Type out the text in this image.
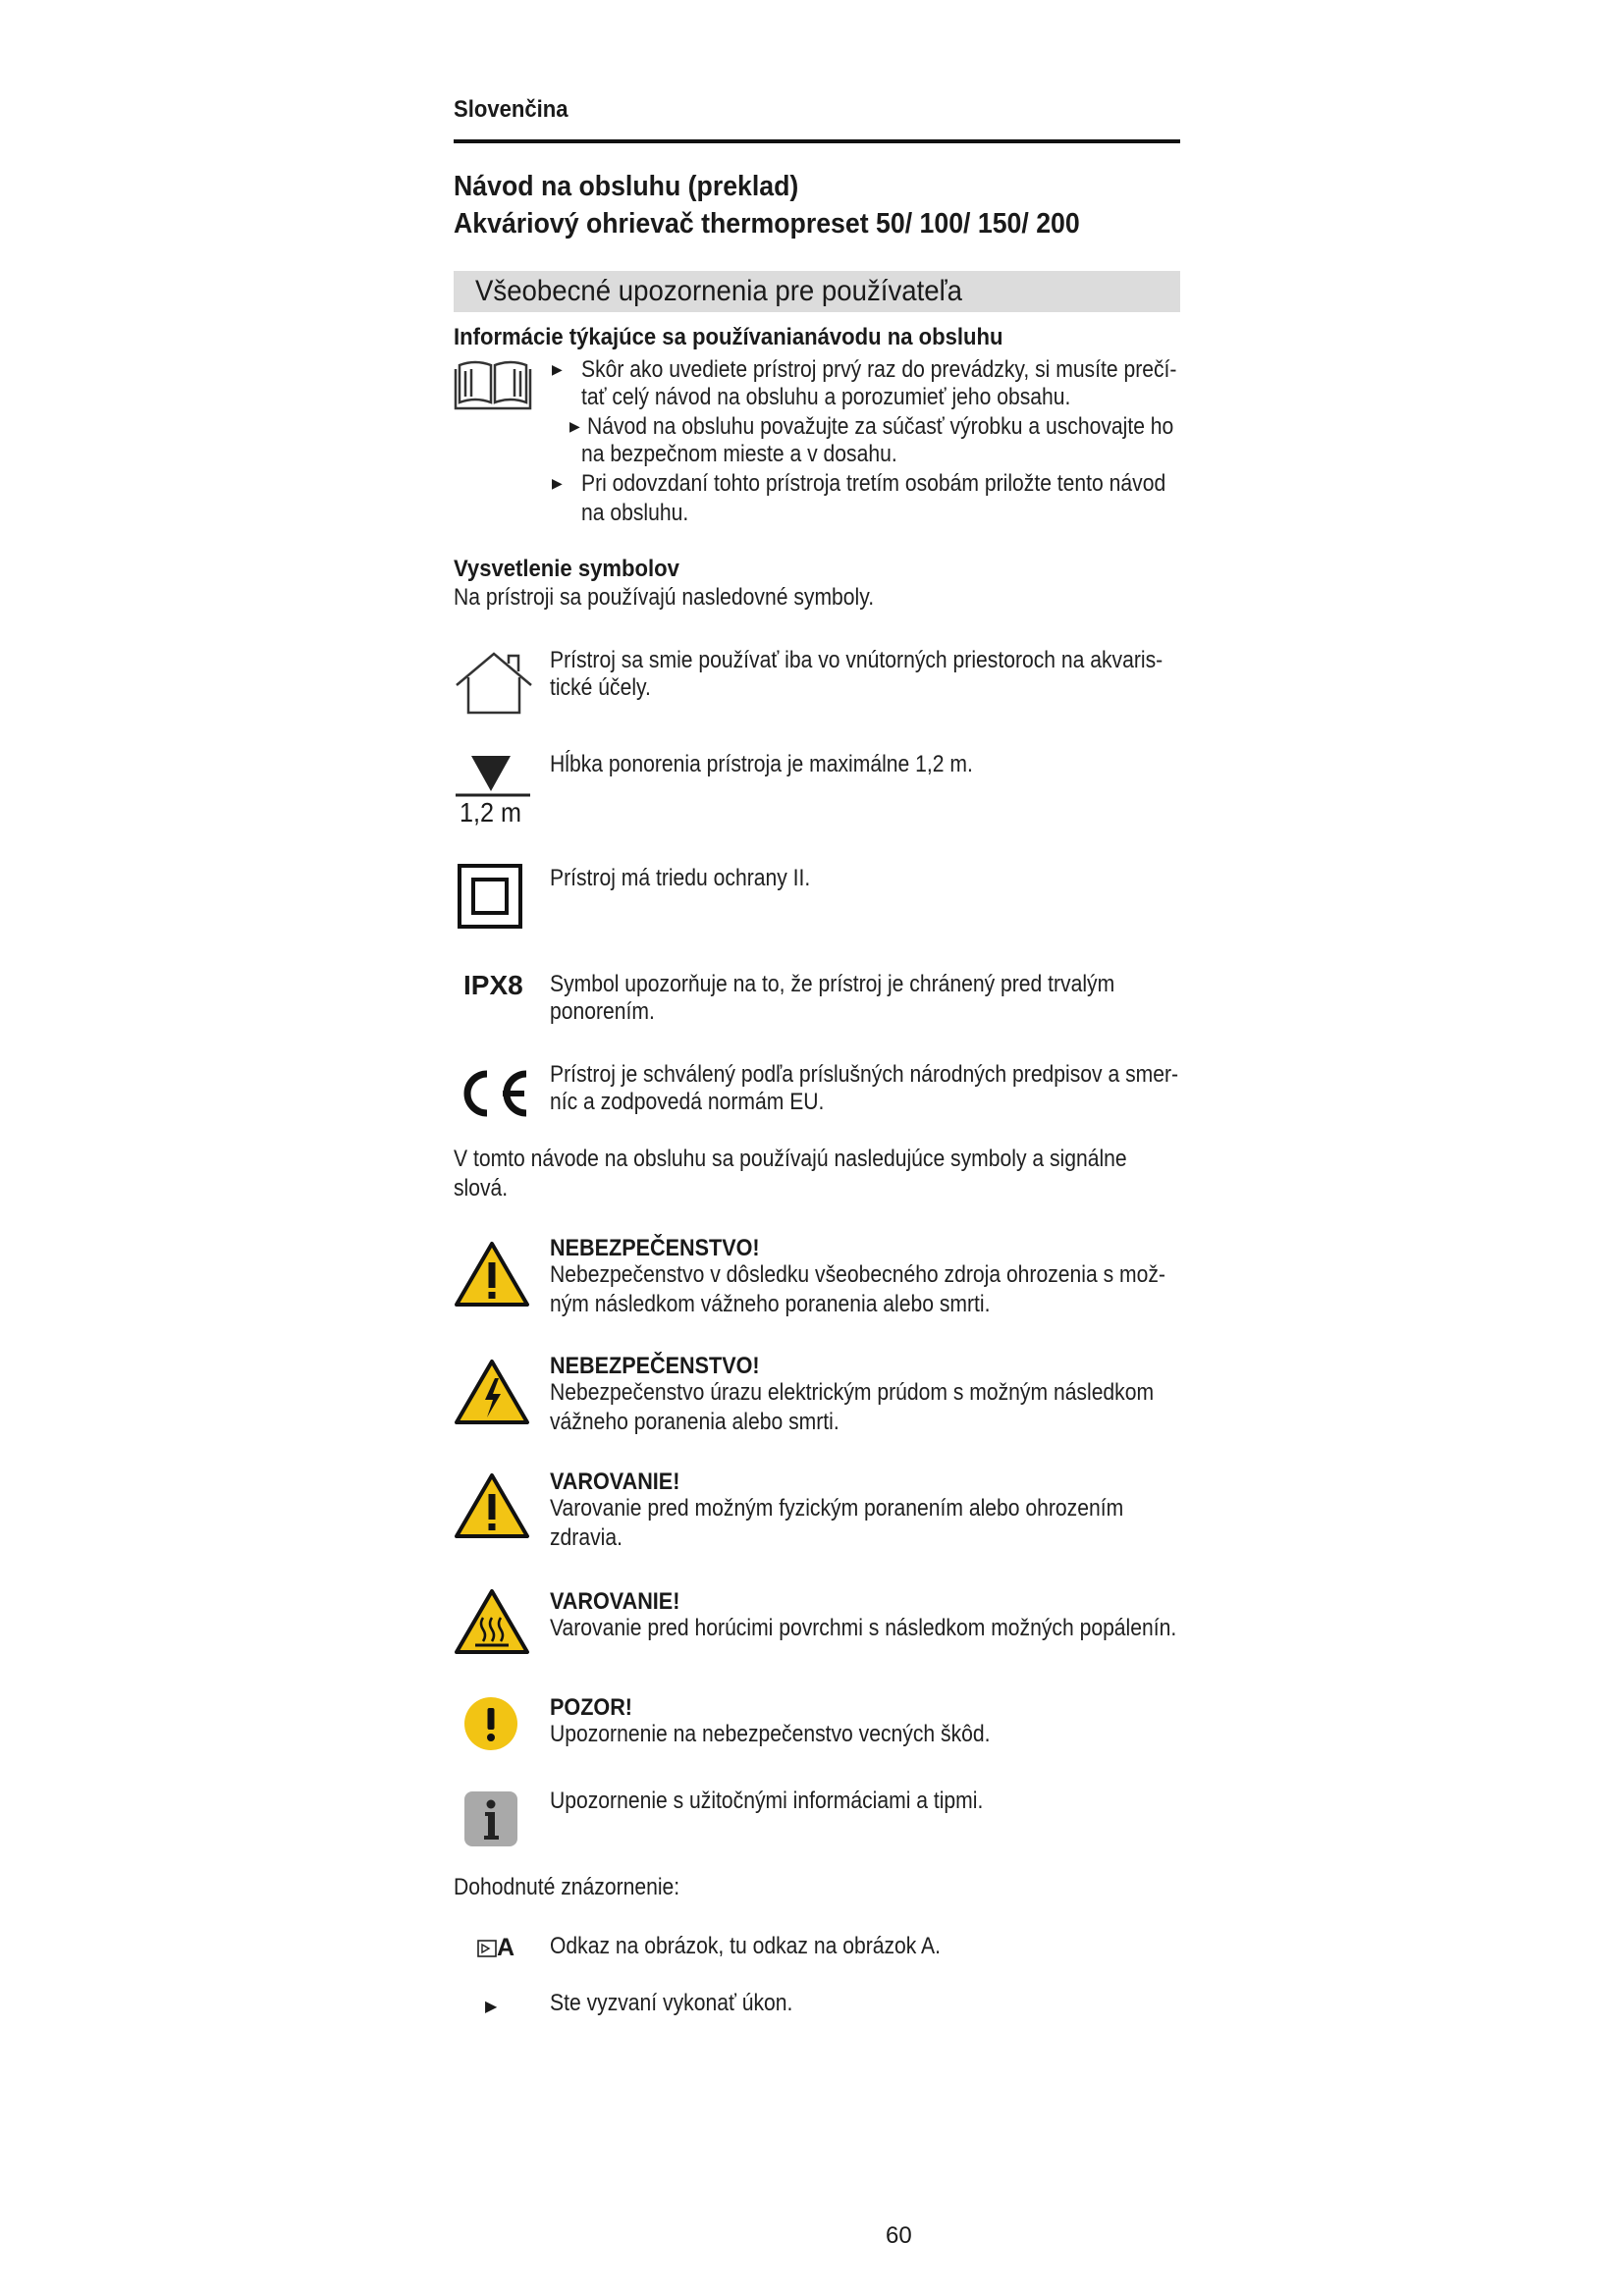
Slovenčina
Návod na obsluhu (preklad)
Akváriový ohrievač thermopreset 50/ 100/ 150/ 200
Všeobecné upozornenia pre používateľa
Informácie týkajúce sa používanianávodu na obsluhu
▶ Skôr ako uvediete prístroj prvý raz do prevádzky, si musíte prečí-
tať celý návod na obsluhu a porozumieť jeho obsahu.
▶ Návod na obsluhu považujte za súčasť výrobku a uschovajte ho
na bezpečnom mieste a v dosahu.
▶ Pri odovzdaní tohto prístroja tretím osobám priložte tento návod
na obsluhu.
Vysvetlenie symbolov
Na prístroji sa používajú nasledovné symboly.
Prístroj sa smie používať iba vo vnútorných priestoroch na akvaris-
tické účely.
1,2 m
Hĺbka ponorenia prístroja je maximálne 1,2 m.
Prístroj má triedu ochrany II.
IPX8 Symbol upozorňuje na to, že prístroj je chránený pred trvalým
ponorením.
Prístroj je schválený podľa príslušných národných predpisov a smer-
níc a zodpovedá normám EU.
V tomto návode na obsluhu sa používajú nasledujúce symboly a signálne
slová.
NEBEZPEČENSTVO!
Nebezpečenstvo v dôsledku všeobecného zdroja ohrozenia s mož-
ným následkom vážneho poranenia alebo smrti.
NEBEZPEČENSTVO!
Nebezpečenstvo úrazu elektrickým prúdom s možným následkom
vážneho poranenia alebo smrti.
VAROVANIE!
Varovanie pred možným fyzickým poranením alebo ohrozením
zdravia.
VAROVANIE!
Varovanie pred horúcimi povrchmi s následkom možných popálenín.
POZOR!
Upozornenie na nebezpečenstvo vecných škôd.
Upozornenie s užitočnými informáciami a tipmi.
Dohodnuté znázornenie:
A Odkaz na obrázok, tu odkaz na obrázok A.
▶ Ste vyzvaní vykonať úkon.
60
